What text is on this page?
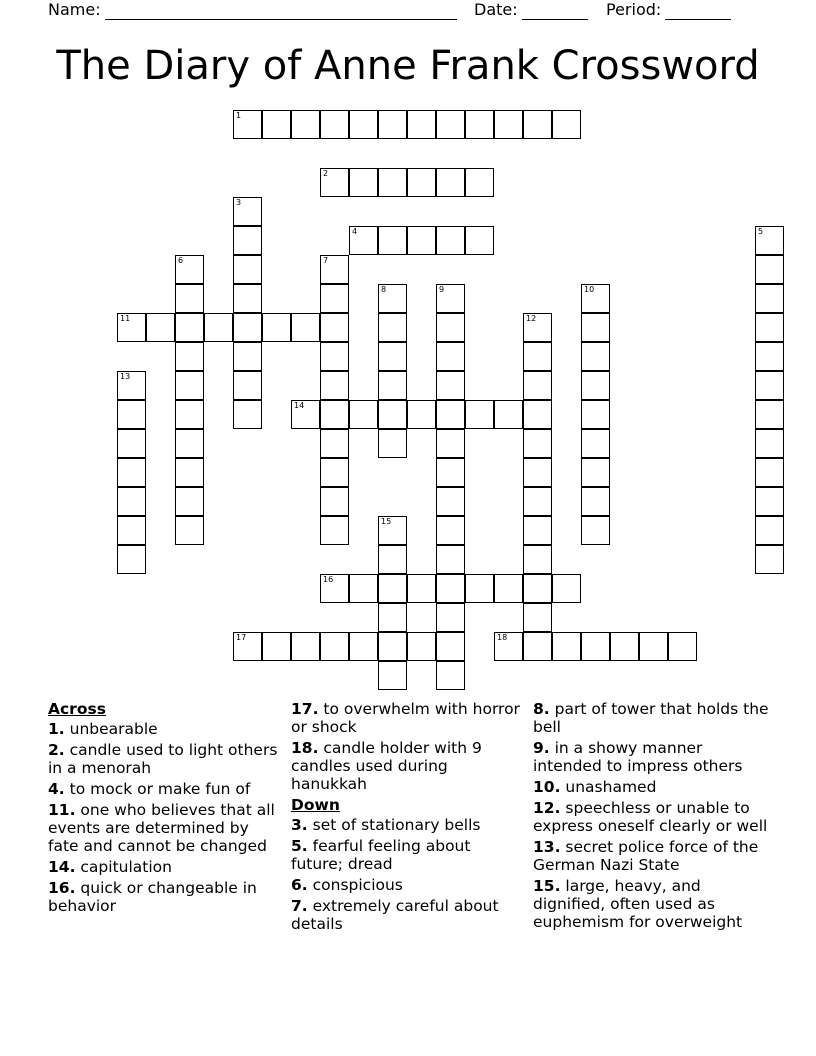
Name:	Date:	Period:
The Diary of Anne Frank Crossword
1
2
3
4	5
6	7
8	9	10
11	12
13
14
15
16
17	18
Across
1. unbearable
2. candle used to light others in a menorah
4. to mock or make fun of
11. one who believes that all events are determined by fate and cannot be changed
14. capitulation
16. quick or changeable in behavior
17. to overwhelm with horror or shock
18. candle holder with 9 candles used during hanukkah
Down
3. set of stationary bells
5. fearful feeling about future; dread
6. conspicious
7. extremely careful about details
8. part of tower that holds the bell
9. in a showy manner intended to impress others
10. unashamed
12. speechless or unable to express oneself clearly or well
13. secret police force of the German Nazi State
15. large, heavy, and dignified, often used as euphemism for overweight
